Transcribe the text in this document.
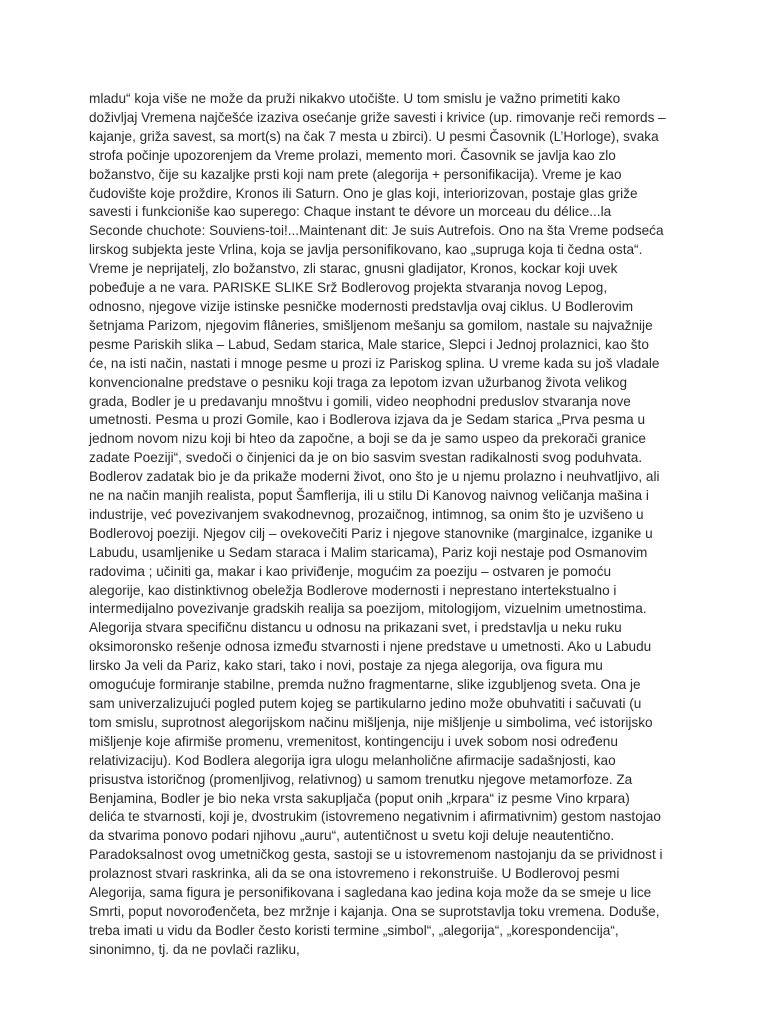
mladu“ koja više ne može da pruži nikakvo utočište. U tom smislu je važno primetiti kako
doživljaj Vremena najčešće izaziva osećanje griže savesti i krivice (up. rimovanje reči remords –
kajanje, griža savest, sa mort(s) na čak 7 mesta u zbirci). U pesmi Časovnik (L’Horloge), svaka
strofa počinje upozorenjem da Vreme prolazi, memento mori. Časovnik se javlja kao zlo
božanstvo, čije su kazaljke prsti koji nam prete (alegorija + personifikacija). Vreme je kao
čudovište koje proždire, Kronos ili Saturn. Ono je glas koji, interiorizovan, postaje glas griže
savesti i funkcioniše kao superego: Chaque instant te dévore un morceau du délice...la
Seconde chuchote: Souviens-toi!...Maintenant dit: Je suis Autrefois. Ono na šta Vreme podseća
lirskog subjekta jeste Vrlina, koja se javlja personifikovano, kao „supruga koja ti čedna osta“.
Vreme je neprijatelj, zlo božanstvo, zli starac, gnusni gladijator, Kronos, kockar koji uvek
pobeđuje a ne vara. PARISKE SLIKE Srž Bodlerovog projekta stvaranja novog Lepog,
odnosno, njegove vizije istinske pesničke modernosti predstavlja ovaj ciklus. U Bodlerovim
šetnjama Parizom, njegovim flâneries, smišljenom mešanju sa gomilom, nastale su najvažnije
pesme Pariskih slika – Labud, Sedam starica, Male starice, Slepci i Jednoj prolaznici, kao što
će, na isti način, nastati i mnoge pesme u prozi iz Pariskog splina. U vreme kada su još vladale
konvencionalne predstave o pesniku koji traga za lepotom izvan užurbanog života velikog
grada, Bodler je u predavanju mnoštvu i gomili, video neophodni preduslov stvaranja nove
umetnosti. Pesma u prozi Gomile, kao i Bodlerova izjava da je Sedam starica „Prva pesma u
jednom novom nizu koji bi hteo da započne, a boji se da je samo uspeo da prekorači granice
zadate Poeziji“, svedoči o činjenici da je on bio sasvim svestan radikalnosti svog poduhvata.
Bodlerov zadatak bio je da prikaže moderni život, ono što je u njemu prolazno i neuhvatljivo, ali
ne na način manjih realista, poput Šamflerija, ili u stilu Di Kanovog naivnog veličanja mašina i
industrije, već povezivanjem svakodnevnog, prozaičnog, intimnog, sa onim što je uzvišeno u
Bodlerovoj poeziji. Njegov cilj – ovekovečiti Pariz i njegove stanovnike (marginalce, izganike u
Labudu, usamljenike u Sedam staraca i Malim staricama), Pariz koji nestaje pod Osmanovim
radovima ; učiniti ga, makar i kao privid̄enje, mogućim za poeziju – ostvaren je pomoću
alegorije, kao distinktivnog obeležja Bodlerove modernosti i neprestano intertekstualno i
intermedijalno povezivanje gradskih realija sa poezijom, mitologijom, vizuelnim umetnostima.
Alegorija stvara specifičnu distancu u odnosu na prikazani svet, i predstavlja u neku ruku
oksimoronsko rešenje odnosa između stvarnosti i njene predstave u umetnosti. Ako u Labudu
lirsko Ja veli da Pariz, kako stari, tako i novi, postaje za njega alegorija, ova figura mu
omogućuje formiranje stabilne, premda nužno fragmentarne, slike izgubljenog sveta. Ona je
sam univerzalizujući pogled putem kojeg se partikularno jedino može obuhvatiti i sačuvati (u
tom smislu, suprotnost alegorijskom načinu mišljenja, nije mišljenje u simbolima, već istorijsko
mišljenje koje afirmiše promenu, vremenitost, kontingenciju i uvek sobom nosi određenu
relativizaciju). Kod Bodlera alegorija igra ulogu melanholične afirmacije sadašnjosti, kao
prisustva istoričnog (promenljivog, relativnog) u samom trenutku njegove metamorfoze. Za
Benjamina, Bodler je bio neka vrsta sakupljača (poput onih „krpara“ iz pesme Vino krpara)
delića te stvarnosti, koji je, dvostrukim (istovremeno negativnim i afirmativnim) gestom nastojao
da stvarima ponovo podari njihovu „auru“, autentičnost u svetu koji deluje neautentično.
Paradoksalnost ovog umetničkog gesta, sastoji se u istovremenom nastojanju da se prividnost i
prolaznost stvari raskrinka, ali da se ona istovremeno i rekonstruiše. U Bodlerovoj pesmi
Alegorija, sama figura je personifikovana i sagledana kao jedina koja može da se smeje u lice
Smrti, poput novorođenčeta, bez mržnje i kajanja. Ona se suprotstavlja toku vremena. Doduše,
treba imati u vidu da Bodler često koristi termine „simbol“, „alegorija“, „korespondencija“,
sinonimno, tj. da ne povlači razliku,
